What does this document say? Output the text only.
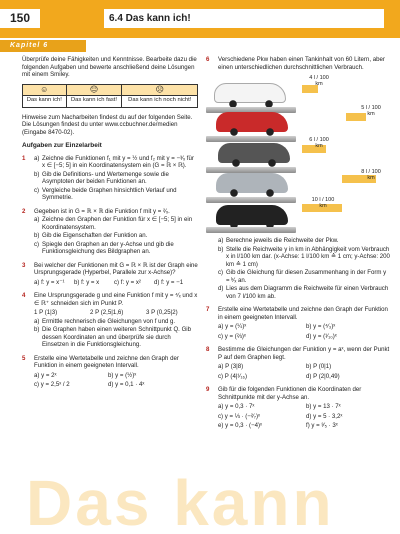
150	6.4 Das kann ich!
Kapitel 6

Überprüfe deine Fähigkeiten und Kenntnisse. Bearbeite dazu die folgenden Aufgaben und bewerte anschließend deine Lösungen mit einem Smiley.

☺	😐	☹
Das kann ich!	Das kann ich fast!	Das kann ich noch nicht!

Hinweise zum Nacharbeiten findest du auf der folgenden Seite. Die Lösungen findest du unter www.ccbuchner.de/medien (Eingabe 8470-02).

Aufgaben zur Einzelarbeit
1 a) Zeichne die Funktionen f₁ mit y = ½ und f₂ mit y = −³⁄ₓ für x ∈ [−5; 5] in ein Koordinatensystem ein (G = ℝ × ℝ).
b) Gib die Definitions- und Wertemenge sowie die Asymptoten der beiden Funktionen an.
c) Vergleiche beide Graphen hinsichtlich Verlauf und Symmetrie.
2 Gegeben ist in G = ℝ × ℝ die Funktion f mit y = ²⁄ₓ.
a) Zeichne den Graphen der Funktion für x ∈ [−5; 5] in ein Koordinatensystem.
b) Gib die Eigenschaften der Funktion an.
c) Spiegle den Graphen an der y-Achse und gib die Funktionsgleichung des Bildgraphen an.
3 Bei welcher der Funktionen mit G = ℝ × ℝ ist der Graph eine Ursprungsgerade (Hyperbel, Parallele zur x-Achse)?
a) f: y = x⁻¹	b) f: y = x	c) f: y = x²	d) f: y = −1
4 Eine Ursprungsgerade g und eine Funktion f mit y = ⁴⁄ₓ und x ∈ ℝ⁺ schneiden sich im Punkt P.
1 P (1|3)	2 P (2,5|1,6)	3 P (0,25|2)
a) Ermittle rechnerisch die Gleichungen von f und g.
b) Die Graphen haben einen weiteren Schnittpunkt Q. Gib dessen Koordinaten an und überprüfe sie durch Einsetzen in die Funktionsgleichung.
5 Erstelle eine Wertetabelle und zeichne den Graph der Funktion in einem geeigneten Intervall.
a) y = 2ˣ	b) y = (½)ˣ
c) y = 2,5ˣ / 2	d) y = 0,1 · 4ˣ
6 Verschiedene Pkw haben einen Tankinhalt von 60 Litern, aber einen unterschiedlichen durchschnittlichen Verbrauch.
4 l / 100 km
5 l / 100 km
6 l / 100 km
8 l / 100 km
10 l / 100 km
a) Berechne jeweils die Reichweite der Pkw.
b) Stelle die Reichweite y in km in Abhängigkeit vom Verbrauch x in l/100 km dar. (x-Achse: 1 l/100 km ≙ 1 cm; y-Achse: 200 km ≙ 1 cm)
c) Gib die Gleichung für diesen Zusammenhang in der Form y = ᵏ⁄ₓ an.
d) Lies aus dem Diagramm die Reichweite für einen Verbrauch von 7 l/100 km ab.
7 Erstelle eine Wertetabelle und zeichne den Graph der Funktion in einem geeigneten Intervall.
a) y = (¼)ˣ	b) y = (⁴⁄₃)ˣ
c) y = (⅔)ˣ	d) y = (¹⁄₁₀)ˣ
8 Bestimme die Gleichungen der Funktion y = aˣ, wenn der Punkt P auf dem Graphen liegt.
a) P (3|8)	b) P (0|1)
c) P (4|¹⁄₁₆)	d) P (2|0,49)
9 Gib für die folgenden Funktionen die Koordinaten der Schnittpunkte mit der y-Achse an.
a) y = 0,3 · 7ˣ	b) y = 13 · 7ˣ
c) y = ⅓ · (−²⁄₇)ˣ	d) y = 5 · 3,2ˣ
e) y = 0,3 · (−4)ˣ	f) y = ³⁄₅ · 3ˣ
Das kann
